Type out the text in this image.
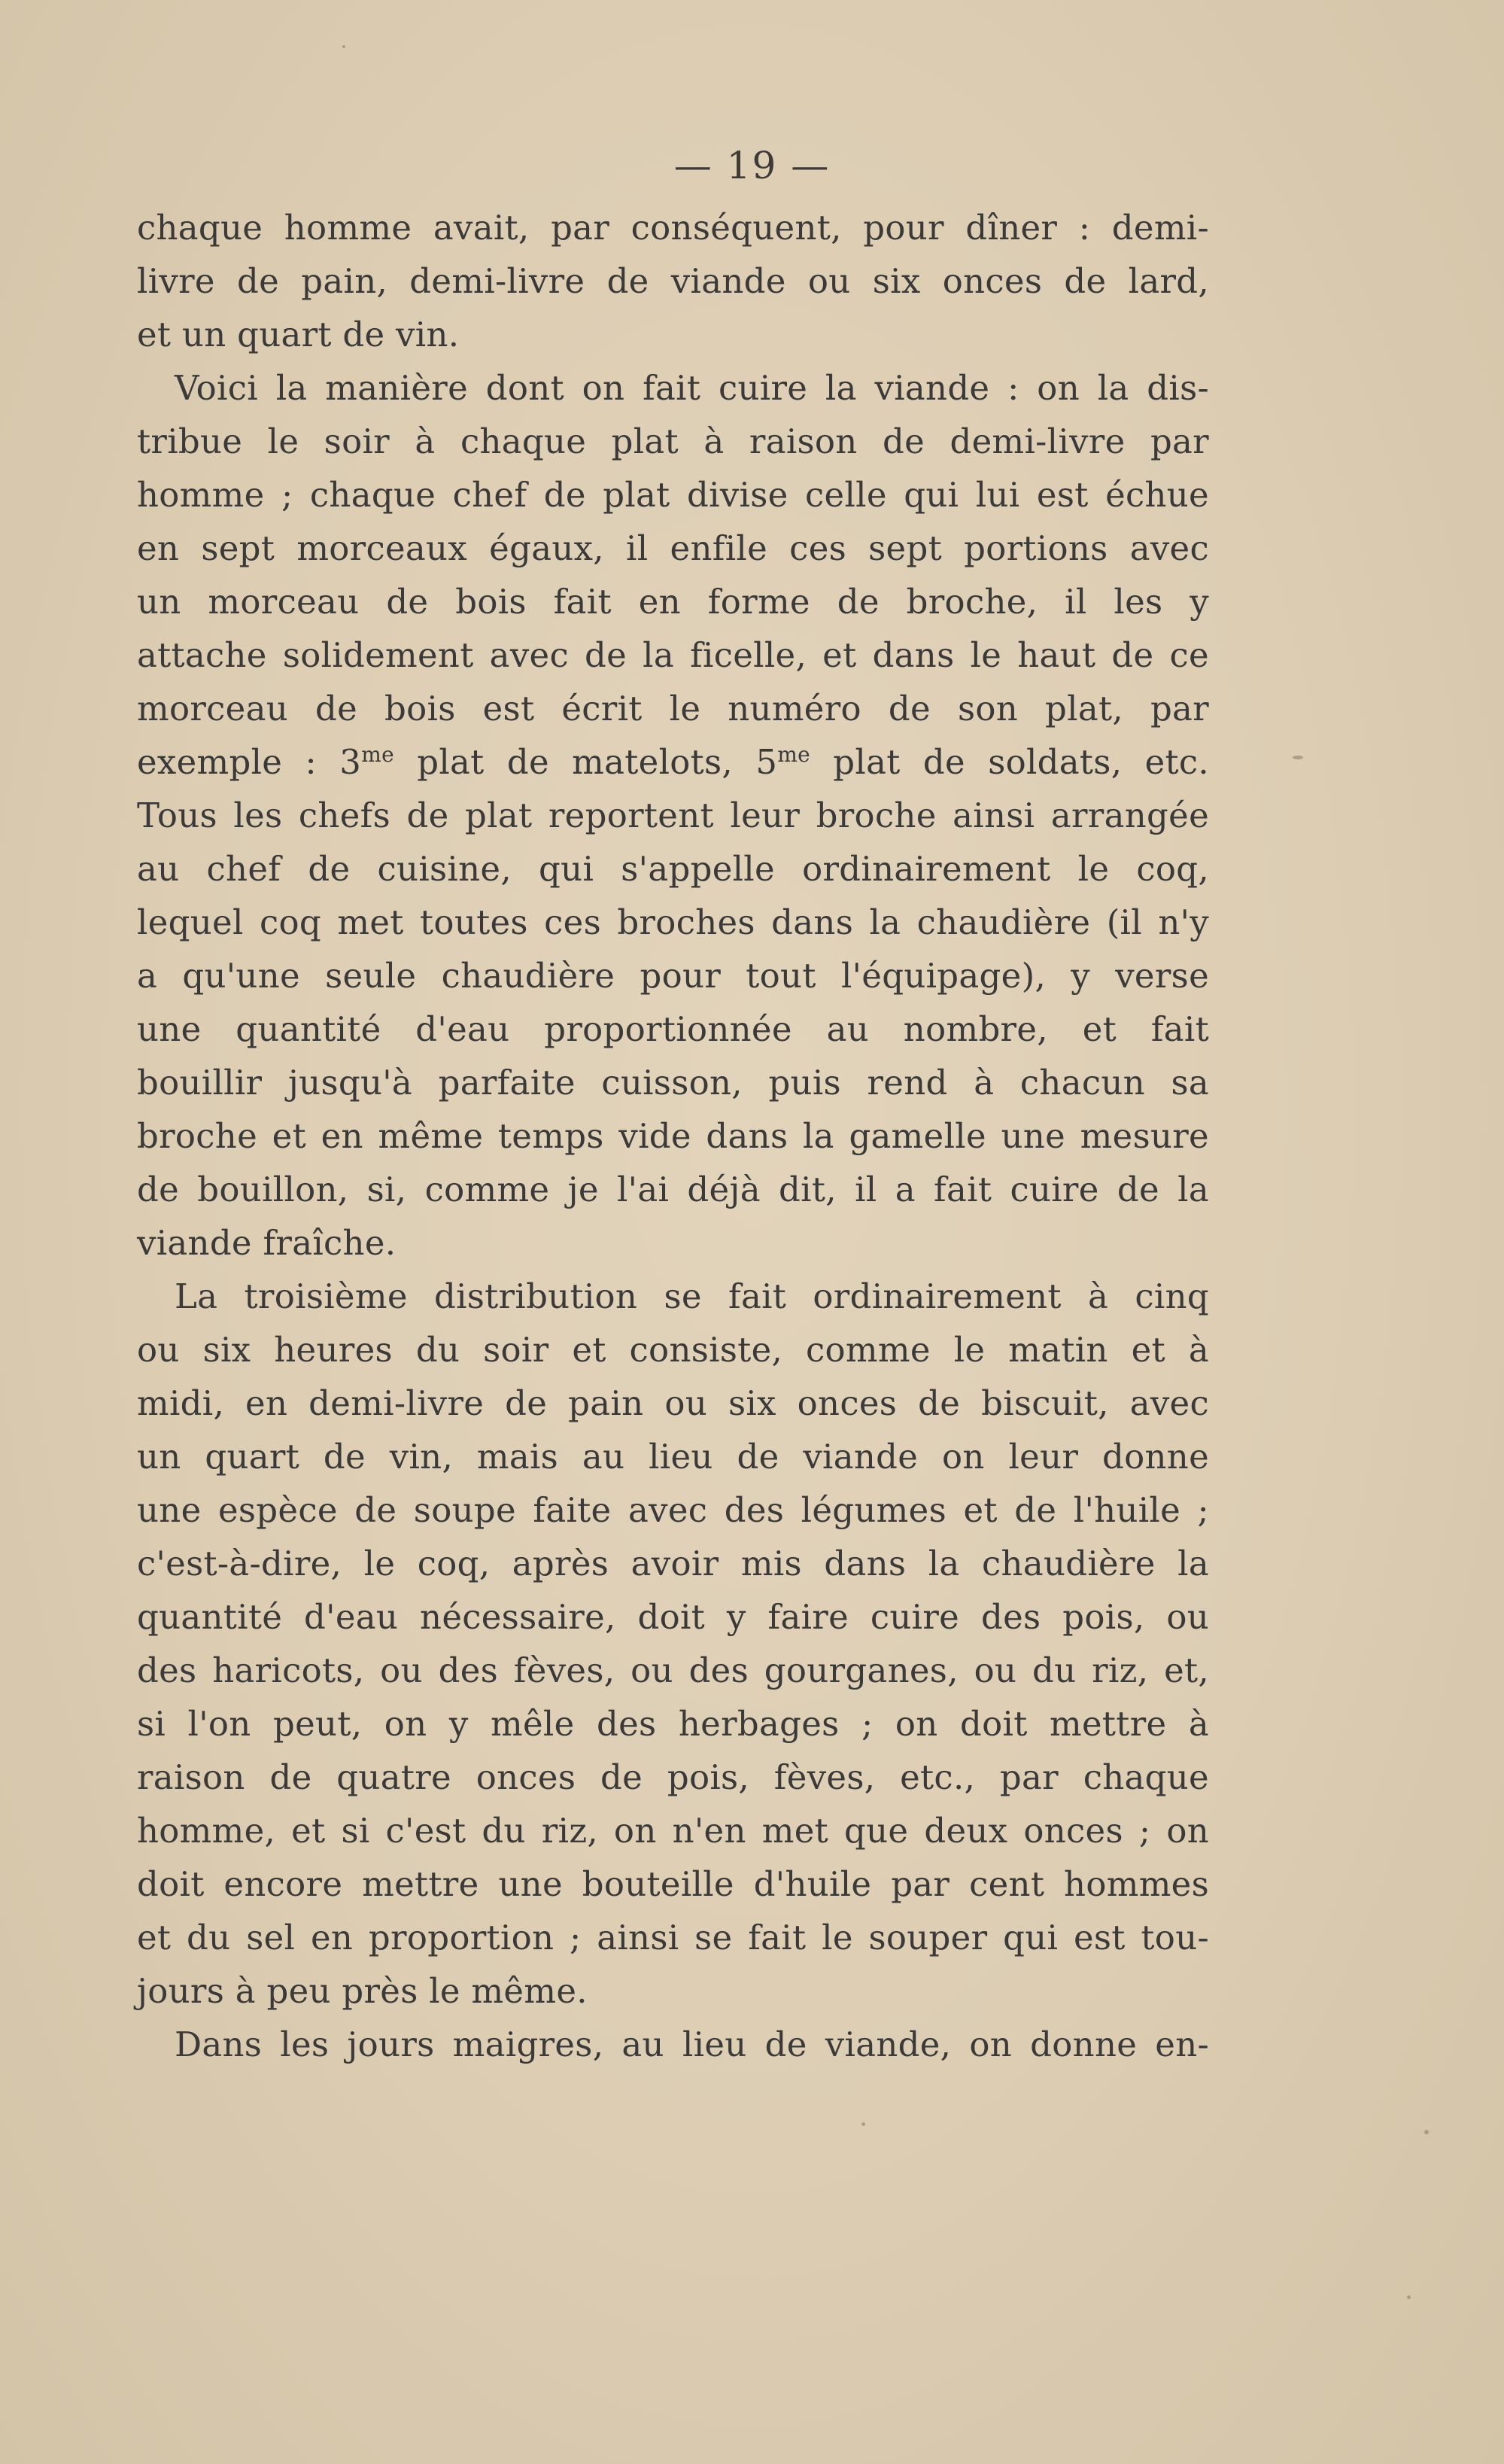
— 19 —
chaque homme avait, par conséquent, pour dîner : demi-
livre de pain, demi-livre de viande ou six onces de lard,
et un quart de vin.
Voici la manière dont on fait cuire la viande : on la dis-
tribue le soir à chaque plat à raison de demi-livre par
homme ; chaque chef de plat divise celle qui lui est échue
en sept morceaux égaux, il enfile ces sept portions avec
un morceau de bois fait en forme de broche, il les y
attache solidement avec de la ficelle, et dans le haut de ce
morceau de bois est écrit le numéro de son plat, par
exemple : $3^{me}$ plat de matelots, $5^{me}$ plat de soldats, etc.
Tous les chefs de plat reportent leur broche ainsi arrangée
au chef de cuisine, qui s'appelle ordinairement le coq,
lequel coq met toutes ces broches dans la chaudière (il n'y
a qu'une seule chaudière pour tout l'équipage), y verse
une quantité d'eau proportionnée au nombre, et fait
bouillir jusqu'à parfaite cuisson, puis rend à chacun sa
broche et en même temps vide dans la gamelle une mesure
de bouillon, si, comme je l'ai déjà dit, il a fait cuire de la
viande fraîche.
La troisième distribution se fait ordinairement à cinq
ou six heures du soir et consiste, comme le matin et à
midi, en demi-livre de pain ou six onces de biscuit, avec
un quart de vin, mais au lieu de viande on leur donne
une espèce de soupe faite avec des légumes et de l'huile ;
c'est-à-dire, le coq, après avoir mis dans la chaudière la
quantité d'eau nécessaire, doit y faire cuire des pois, ou
des haricots, ou des fèves, ou des gourganes, ou du riz, et,
si l'on peut, on y mêle des herbages ; on doit mettre à
raison de quatre onces de pois, fèves, etc., par chaque
homme, et si c'est du riz, on n'en met que deux onces ; on
doit encore mettre une bouteille d'huile par cent hommes
et du sel en proportion ; ainsi se fait le souper qui est tou-
jours à peu près le même.
Dans les jours maigres, au lieu de viande, on donne en-
